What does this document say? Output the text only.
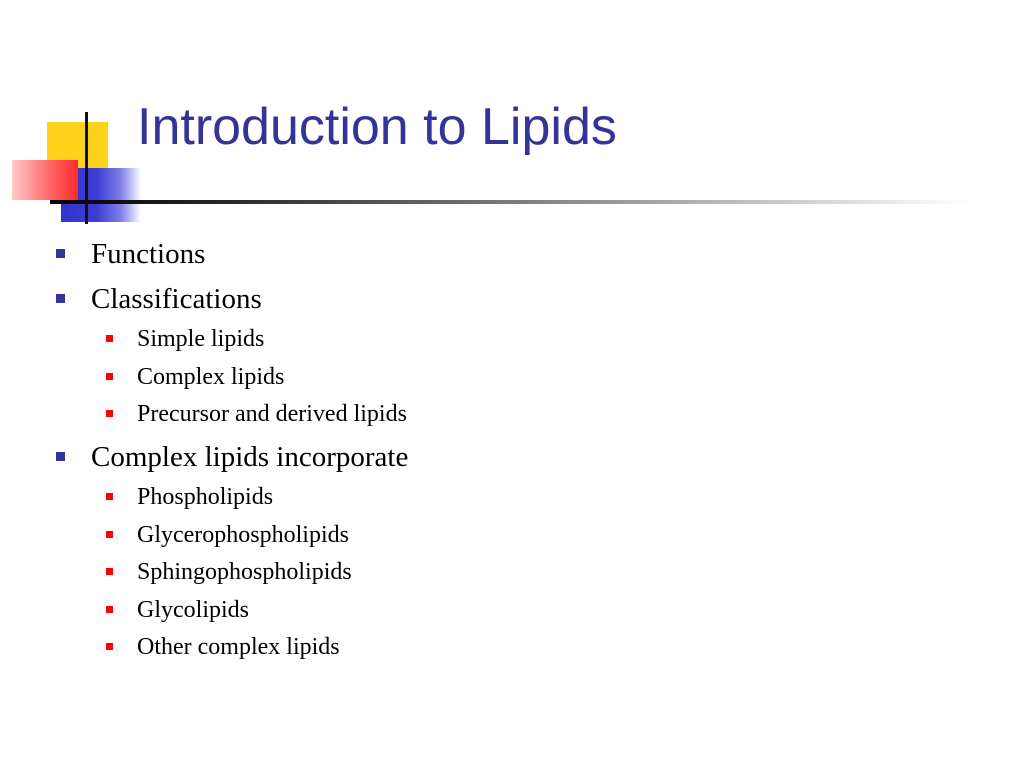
Introduction to Lipids
Functions
Classifications
Simple lipids
Complex lipids
Precursor and derived lipids
Complex lipids incorporate
Phospholipids
Glycerophospholipids
Sphingophospholipids
Glycolipids
Other complex lipids
